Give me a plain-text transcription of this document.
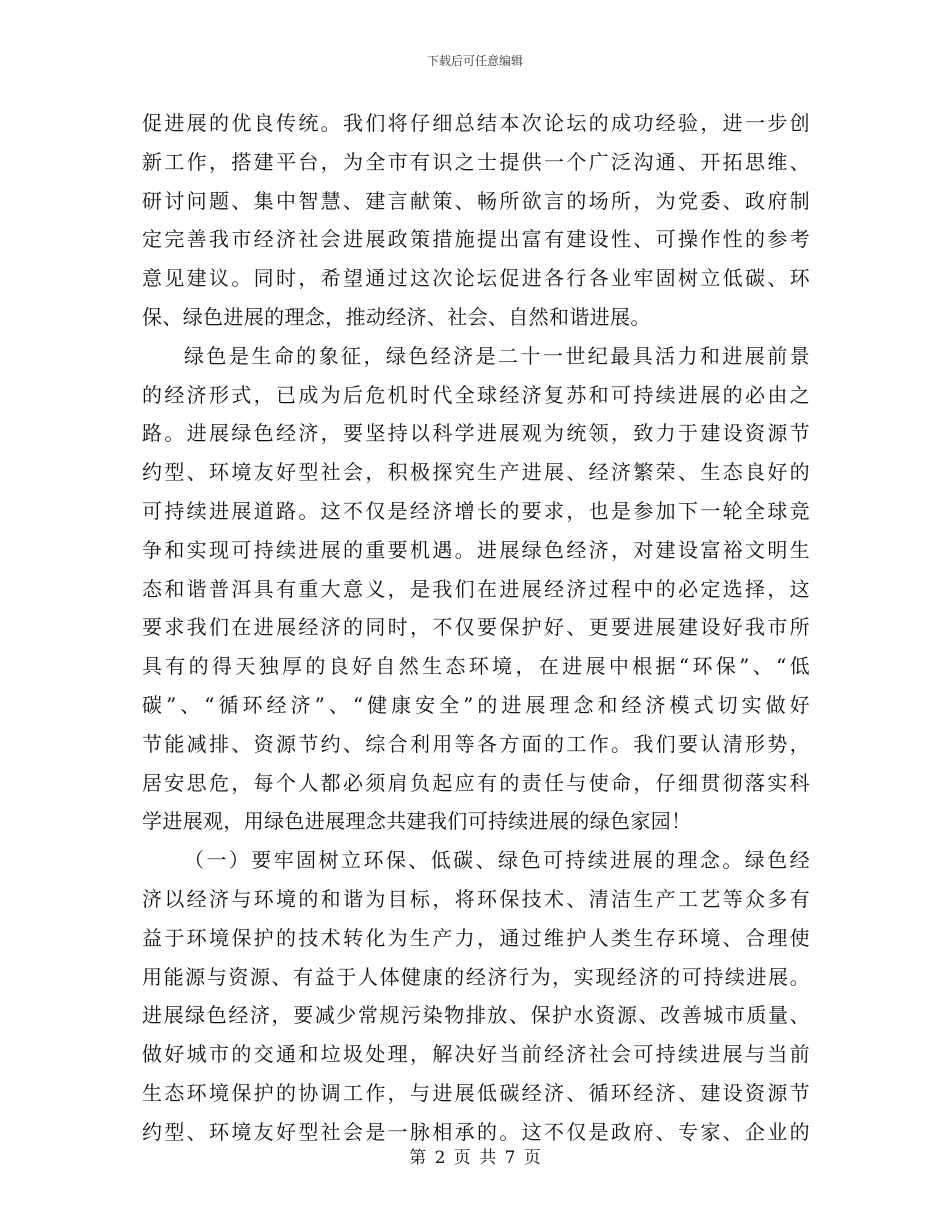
下载后可任意编辑

促进展的优良传统。我们将仔细总结本次论坛的成功经验，进一步创
新工作，搭建平台，为全市有识之士提供一个广泛沟通、开拓思维、
研讨问题、集中智慧、建言献策、畅所欲言的场所，为党委、政府制
定完善我市经济社会进展政策措施提出富有建设性、可操作性的参考
意见建议。同时，希望通过这次论坛促进各行各业牢固树立低碳、环
保、绿色进展的理念，推动经济、社会、自然和谐进展。

绿色是生命的象征，绿色经济是二十一世纪最具活力和进展前景
的经济形式，已成为后危机时代全球经济复苏和可持续进展的必由之
路。进展绿色经济，要坚持以科学进展观为统领，致力于建设资源节
约型、环境友好型社会，积极探究生产进展、经济繁荣、生态良好的
可持续进展道路。这不仅是经济增长的要求，也是参加下一轮全球竞
争和实现可持续进展的重要机遇。进展绿色经济，对建设富裕文明生
态和谐普洱具有重大意义，是我们在进展经济过程中的必定选择，这
要求我们在进展经济的同时，不仅要保护好、更要进展建设好我市所
具有的得天独厚的良好自然生态环境，在进展中根据“环保”、“低
碳”、“循环经济”、“健康安全”的进展理念和经济模式切实做好
节能减排、资源节约、综合利用等各方面的工作。我们要认清形势，
居安思危，每个人都必须肩负起应有的责任与使命，仔细贯彻落实科
学进展观，用绿色进展理念共建我们可持续进展的绿色家园！

（一）要牢固树立环保、低碳、绿色可持续进展的理念。绿色经
济以经济与环境的和谐为目标，将环保技术、清洁生产工艺等众多有
益于环境保护的技术转化为生产力，通过维护人类生存环境、合理使
用能源与资源、有益于人体健康的经济行为，实现经济的可持续进展。
进展绿色经济，要减少常规污染物排放、保护水资源、改善城市质量、
做好城市的交通和垃圾处理，解决好当前经济社会可持续进展与当前
生态环境保护的协调工作，与进展低碳经济、循环经济、建设资源节
约型、环境友好型社会是一脉相承的。这不仅是政府、专家、企业的

第 2 页 共 7 页
